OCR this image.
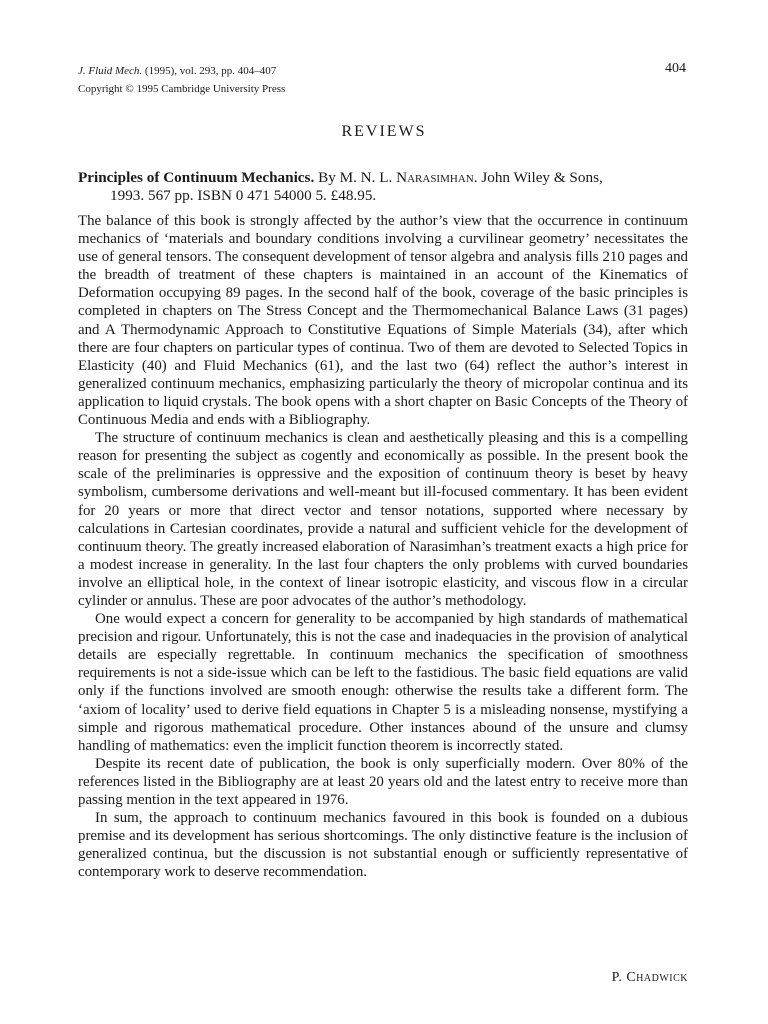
J. Fluid Mech. (1995), vol. 293, pp. 404–407
Copyright © 1995 Cambridge University Press
404
REVIEWS
Principles of Continuum Mechanics. By M. N. L. Narasimhan. John Wiley & Sons,
1993. 567 pp. ISBN 0 471 54000 5. £48.95.

The balance of this book is strongly affected by the author’s view that the occurrence in continuum mechanics of ‘materials and boundary conditions involving a curvilinear geometry’ necessitates the use of general tensors. The consequent development of tensor algebra and analysis fills 210 pages and the breadth of treatment of these chapters is maintained in an account of the Kinematics of Deformation occupying 89 pages. In the second half of the book, coverage of the basic principles is completed in chapters on The Stress Concept and the Thermomechanical Balance Laws (31 pages) and A Thermodynamic Approach to Constitutive Equations of Simple Materials (34), after which there are four chapters on particular types of continua. Two of them are devoted to Selected Topics in Elasticity (40) and Fluid Mechanics (61), and the last two (64) reflect the author’s interest in generalized continuum mechanics, emphasizing particularly the theory of micropolar continua and its application to liquid crystals. The book opens with a short chapter on Basic Concepts of the Theory of Continuous Media and ends with a Bibliography.

The structure of continuum mechanics is clean and aesthetically pleasing and this is a compelling reason for presenting the subject as cogently and economically as possible. In the present book the scale of the preliminaries is oppressive and the exposition of continuum theory is beset by heavy symbolism, cumbersome derivations and well-meant but ill-focused commentary. It has been evident for 20 years or more that direct vector and tensor notations, supported where necessary by calculations in Cartesian coordinates, provide a natural and sufficient vehicle for the development of continuum theory. The greatly increased elaboration of Narasimhan’s treatment exacts a high price for a modest increase in generality. In the last four chapters the only problems with curved boundaries involve an elliptical hole, in the context of linear isotropic elasticity, and viscous flow in a circular cylinder or annulus. These are poor advocates of the author’s methodology.

One would expect a concern for generality to be accompanied by high standards of mathematical precision and rigour. Unfortunately, this is not the case and inadequacies in the provision of analytical details are especially regrettable. In continuum mechanics the specification of smoothness requirements is not a side-issue which can be left to the fastidious. The basic field equations are valid only if the functions involved are smooth enough: otherwise the results take a different form. The ‘axiom of locality’ used to derive field equations in Chapter 5 is a misleading nonsense, mystifying a simple and rigorous mathematical procedure. Other instances abound of the unsure and clumsy handling of mathematics: even the implicit function theorem is incorrectly stated.

Despite its recent date of publication, the book is only superficially modern. Over 80% of the references listed in the Bibliography are at least 20 years old and the latest entry to receive more than passing mention in the text appeared in 1976.

In sum, the approach to continuum mechanics favoured in this book is founded on a dubious premise and its development has serious shortcomings. The only distinctive feature is the inclusion of generalized continua, but the discussion is not substantial enough or sufficiently representative of contemporary work to deserve recommendation.

P. Chadwick
